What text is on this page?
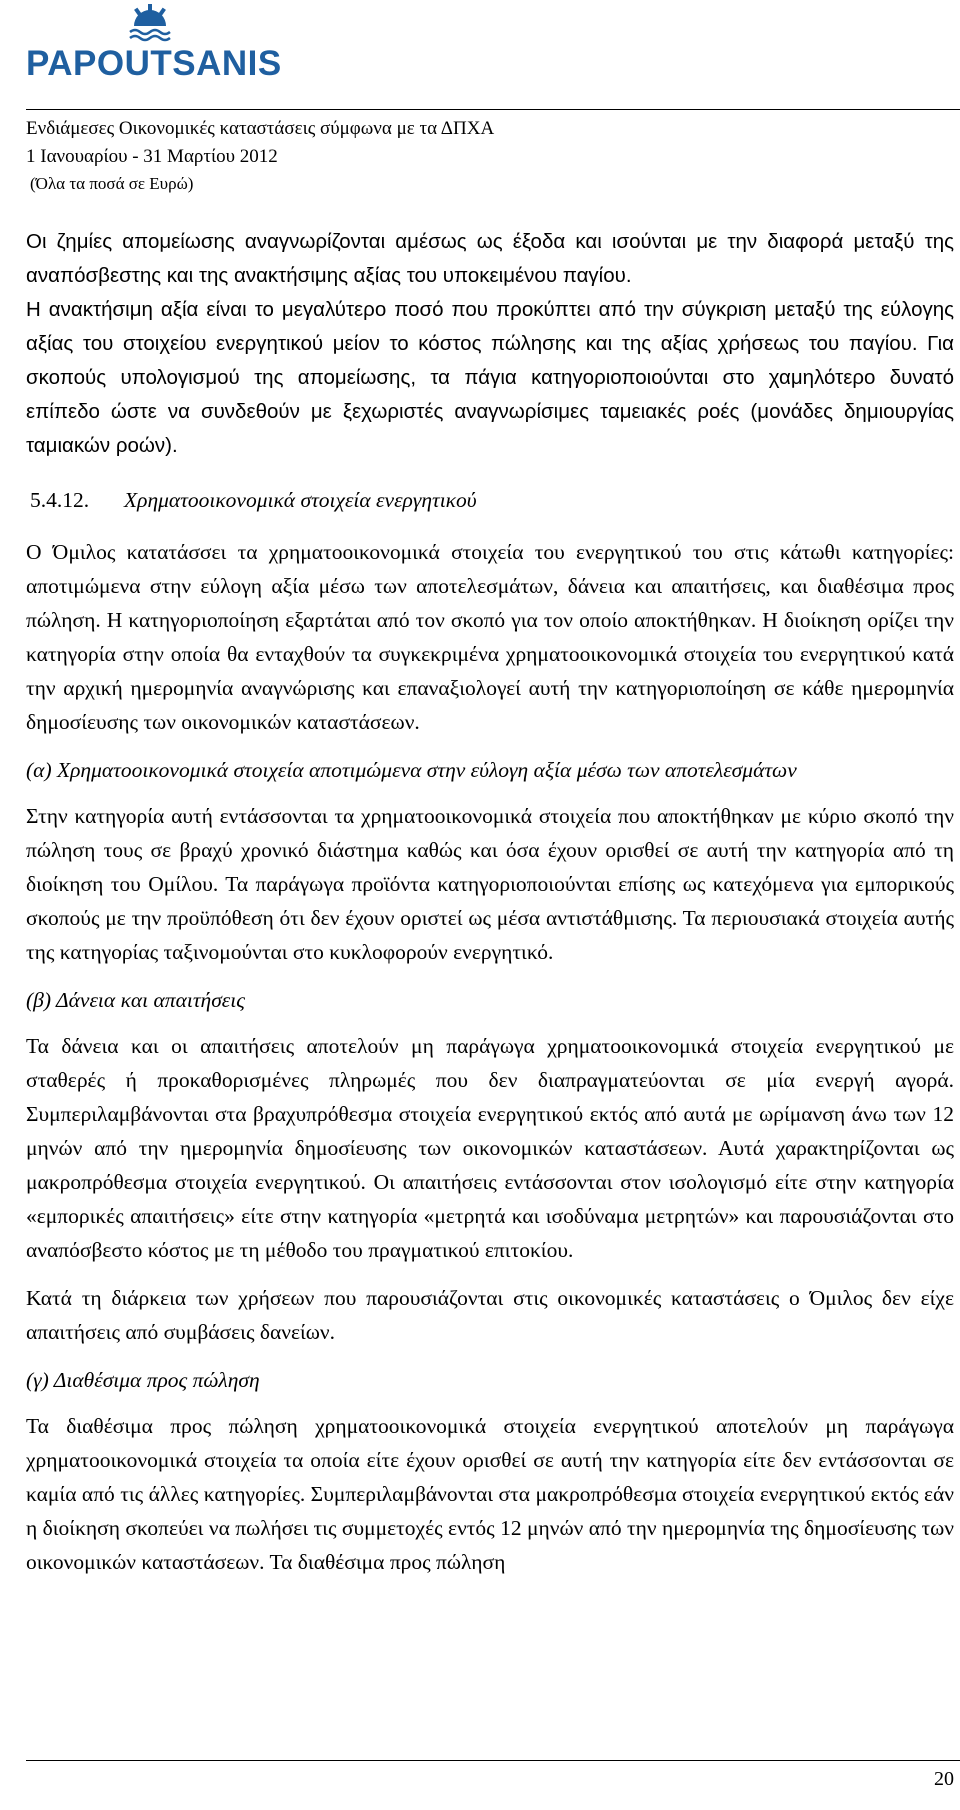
PAPOUTSANIS
Ενδιάμεσες Οικονομικές καταστάσεις σύμφωνα με τα ΔΠΧΑ
1 Ιανουαρίου - 31 Μαρτίου 2012
(Όλα τα ποσά σε Ευρώ)

Οι ζημίες απομείωσης αναγνωρίζονται αμέσως ως έξοδα και ισούνται με την διαφορά μεταξύ της αναπόσβεστης και της ανακτήσιμης αξίας του υποκειμένου παγίου.

Η ανακτήσιμη αξία είναι το μεγαλύτερο ποσό που προκύπτει από την σύγκριση μεταξύ της εύλογης αξίας του στοιχείου ενεργητικού μείον το κόστος πώλησης και της αξίας χρήσεως του παγίου. Για σκοπούς υπολογισμού της απομείωσης, τα πάγια κατηγοριοποιούνται στο χαμηλότερο δυνατό επίπεδο ώστε να συνδεθούν με ξεχωριστές αναγνωρίσιμες ταμειακές ροές (μονάδες δημιουργίας ταμιακών ροών).

5.4.12. Χρηματοοικονομικά στοιχεία ενεργητικού

Ο Όμιλος κατατάσσει τα χρηματοοικονομικά στοιχεία του ενεργητικού του στις κάτωθι κατηγορίες: αποτιμώμενα στην εύλογη αξία μέσω των αποτελεσμάτων, δάνεια και απαιτήσεις, και διαθέσιμα προς πώληση. Η κατηγοριοποίηση εξαρτάται από τον σκοπό για τον οποίο αποκτήθηκαν. Η διοίκηση ορίζει την κατηγορία στην οποία θα ενταχθούν τα συγκεκριμένα χρηματοοικονομικά στοιχεία του ενεργητικού κατά την αρχική ημερομηνία αναγνώρισης και επαναξιολογεί αυτή την κατηγοριοποίηση σε κάθε ημερομηνία δημοσίευσης των οικονομικών καταστάσεων.

(α) Χρηματοοικονομικά στοιχεία αποτιμώμενα στην εύλογη αξία μέσω των αποτελεσμάτων

Στην κατηγορία αυτή εντάσσονται τα χρηματοοικονομικά στοιχεία που αποκτήθηκαν με κύριο σκοπό την πώληση τους σε βραχύ χρονικό διάστημα καθώς και όσα έχουν ορισθεί σε αυτή την κατηγορία από τη διοίκηση του Ομίλου. Τα παράγωγα προϊόντα κατηγοριοποιούνται επίσης ως κατεχόμενα για εμπορικούς σκοπούς με την προϋπόθεση ότι δεν έχουν οριστεί ως μέσα αντιστάθμισης. Τα περιουσιακά στοιχεία αυτής της κατηγορίας ταξινομούνται στο κυκλοφορούν ενεργητικό.

(β) Δάνεια και απαιτήσεις

Τα δάνεια και οι απαιτήσεις αποτελούν μη παράγωγα χρηματοοικονομικά στοιχεία ενεργητικού με σταθερές ή προκαθορισμένες πληρωμές που δεν διαπραγματεύονται σε μία ενεργή αγορά. Συμπεριλαμβάνονται στα βραχυπρόθεσμα στοιχεία ενεργητικού εκτός από αυτά με ωρίμανση άνω των 12 μηνών από την ημερομηνία δημοσίευσης των οικονομικών καταστάσεων. Αυτά χαρακτηρίζονται ως μακροπρόθεσμα στοιχεία ενεργητικού. Οι απαιτήσεις εντάσσονται στον ισολογισμό είτε στην κατηγορία «εμπορικές απαιτήσεις» είτε στην κατηγορία «μετρητά και ισοδύναμα μετρητών» και παρουσιάζονται στο αναπόσβεστο κόστος με τη μέθοδο του πραγματικού επιτοκίου.

Κατά τη διάρκεια των χρήσεων που παρουσιάζονται στις οικονομικές καταστάσεις ο Όμιλος δεν είχε απαιτήσεις από συμβάσεις δανείων.

(γ) Διαθέσιμα προς πώληση

Τα διαθέσιμα προς πώληση χρηματοοικονομικά στοιχεία ενεργητικού αποτελούν μη παράγωγα χρηματοοικονομικά στοιχεία τα οποία είτε έχουν ορισθεί σε αυτή την κατηγορία είτε δεν εντάσσονται σε καμία από τις άλλες κατηγορίες. Συμπεριλαμβάνονται στα μακροπρόθεσμα στοιχεία ενεργητικού εκτός εάν η διοίκηση σκοπεύει να πωλήσει τις συμμετοχές εντός 12 μηνών από την ημερομηνία της δημοσίευσης των οικονομικών καταστάσεων. Τα διαθέσιμα προς πώληση

20
